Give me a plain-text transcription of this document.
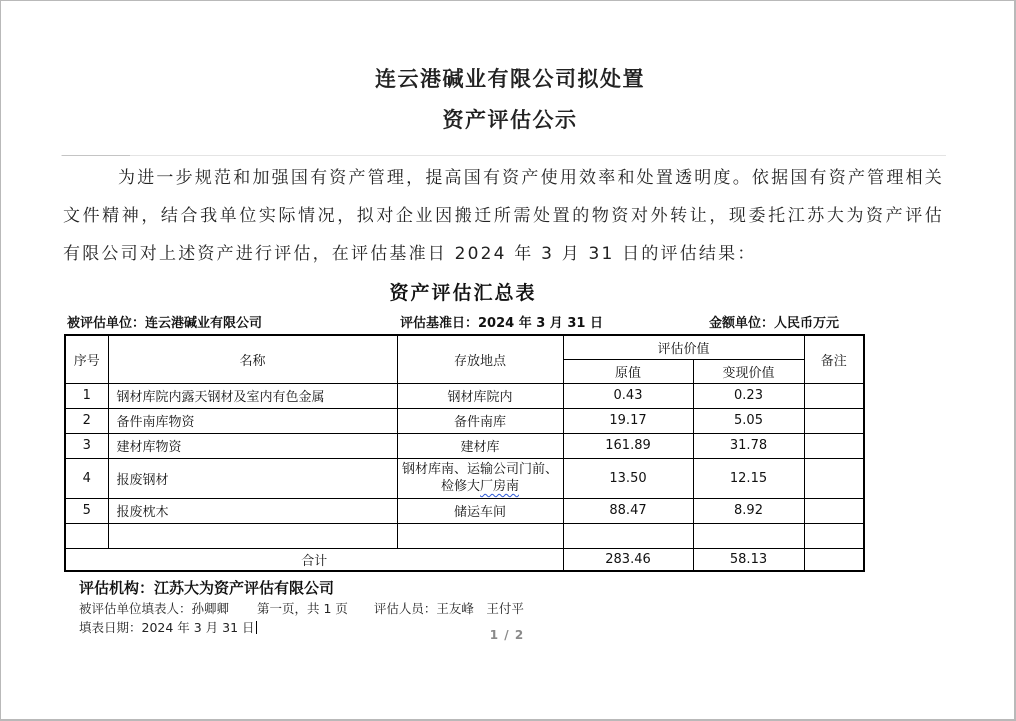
连云港碱业有限公司拟处置
资产评估公示
为进一步规范和加强国有资产管理，提高国有资产使用效率和处置透明度。依据国有资产管理相关文件精神，结合我单位实际情况，拟对企业因搬迁所需处置的物资对外转让，现委托江苏大为资产评估有限公司对上述资产进行评估，在评估基准日 2024 年 3 月 31 日的评估结果：
资产评估汇总表
被评估单位：连云港碱业有限公司	评估基准日：2024 年 3 月 31 日	金额单位：人民币万元
序号	名称	存放地点	评估价值		备注
			原值	变现价值	
1	钢材库院内露天钢材及室内有色金属	钢材库院内	0.43	0.23	
2	备件南库物资	备件南库	19.17	5.05	
3	建材库物资	建材库	161.89	31.78	
4	报废钢材	钢材库南、运输公司门前、
检修大厂房南	13.50	12.15	
5	报废枕木	储运车间	88.47	8.92	

合计			283.46	58.13	
评估机构：江苏大为资产评估有限公司
被评估单位填表人：孙卿卿 第一页，共 1 页 评估人员：王友峰　王付平
填表日期：2024 年 3 月 31 日	1 / 2
